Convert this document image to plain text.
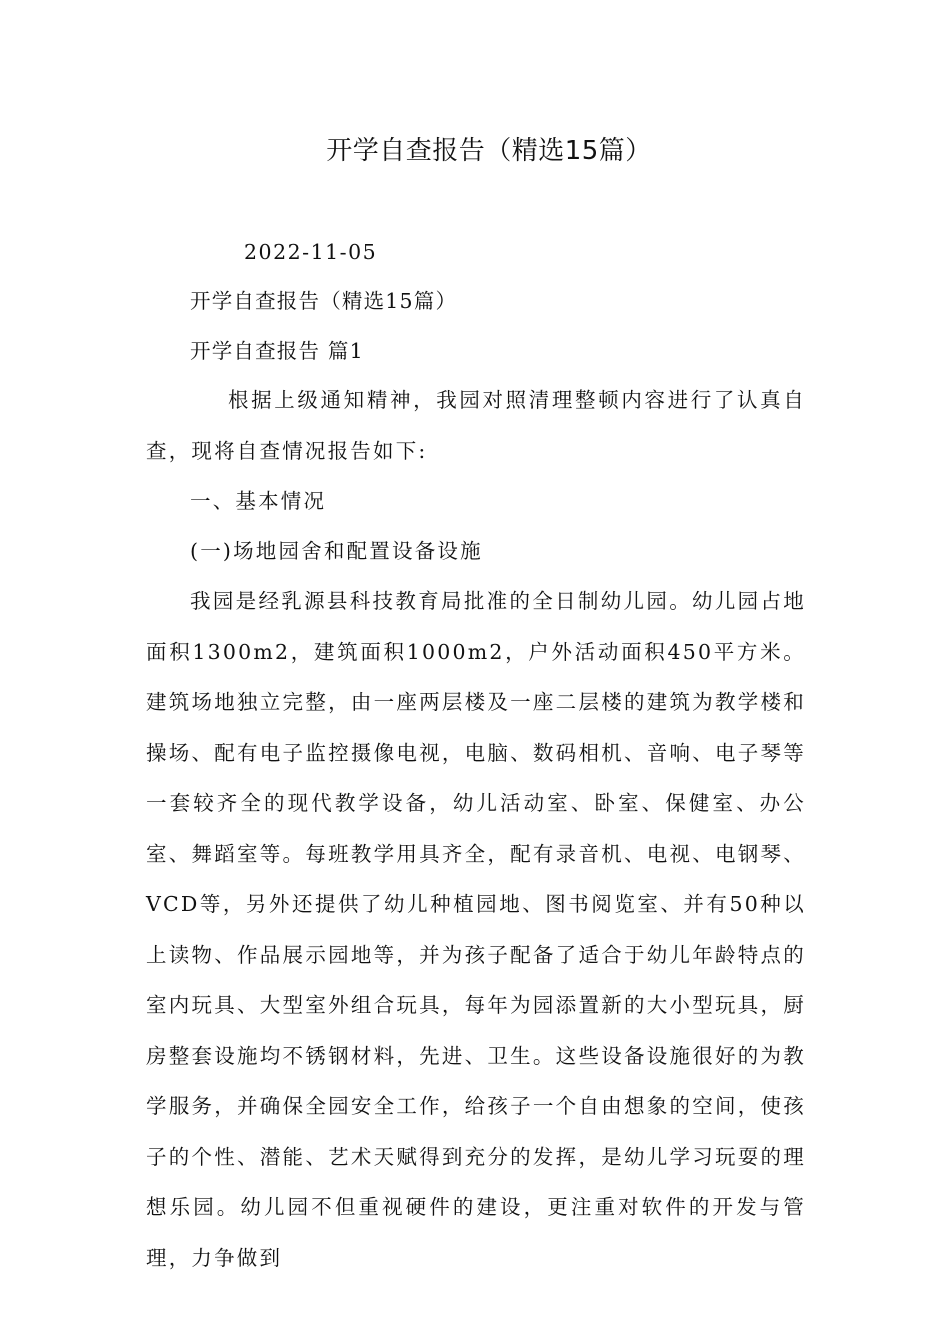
开学自查报告（精选15篇）

2022-11-05

开学自查报告（精选15篇）

开学自查报告 篇1

根据上级通知精神，我园对照清理整顿内容进行了认真自查，现将自查情况报告如下:

一、基本情况

(一)场地园舍和配置设备设施

我园是经乳源县科技教育局批准的全日制幼儿园。幼儿园占地面积1300m2，建筑面积1000m2，户外活动面积450平方米。建筑场地独立完整，由一座两层楼及一座二层楼的建筑为教学楼和操场、配有电子监控摄像电视，电脑、数码相机、音响、电子琴等一套较齐全的现代教学设备，幼儿活动室、卧室、保健室、办公室、舞蹈室等。每班教学用具齐全，配有录音机、电视、电钢琴、VCD等，另外还提供了幼儿种植园地、图书阅览室、并有50种以上读物、作品展示园地等，并为孩子配备了适合于幼儿年龄特点的室内玩具、大型室外组合玩具，每年为园添置新的大小型玩具，厨房整套设施均不锈钢材料，先进、卫生。这些设备设施很好的为教学服务，并确保全园安全工作，给孩子一个自由想象的空间，使孩子的个性、潜能、艺术天赋得到充分的发挥，是幼儿学习玩耍的理想乐园。幼儿园不但重视硬件的建设，更注重对软件的开发与管理，力争做到
